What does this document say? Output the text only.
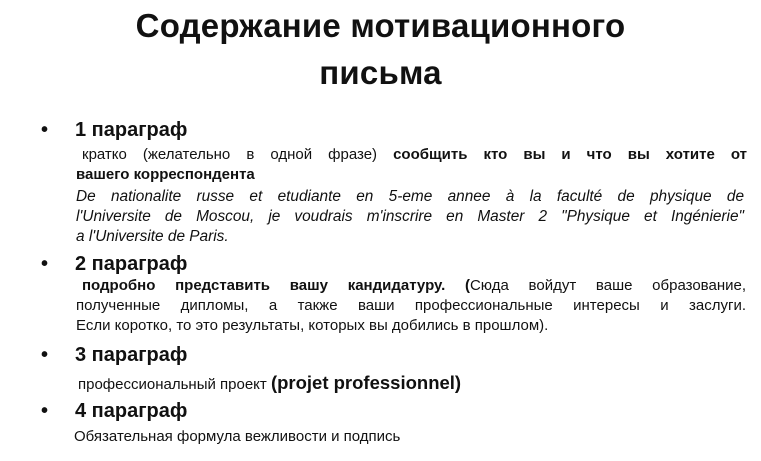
Содержание мотивационного
письма
• 1 параграф
кратко (желательно в одной фразе) сообщить кто вы и что вы хотите от
вашего корреспондента
De nationalite russe et etudiante en 5-eme annee à la faculté de physique de
l'Universite de Moscou, je voudrais m'inscrire en Master 2 "Physique et Ingénierie"
a l'Universite de Paris.
• 2 параграф
подробно представить вашу кандидатуру. (Сюда войдут ваше образование,
полученные дипломы, а также ваши профессиональные интересы и заслуги.
Если коротко, то это результаты, которых вы добились в прошлом).
• 3 параграф
профессиональный проект (projet professionnel)
• 4 параграф
Обязательная формула вежливости и подпись
